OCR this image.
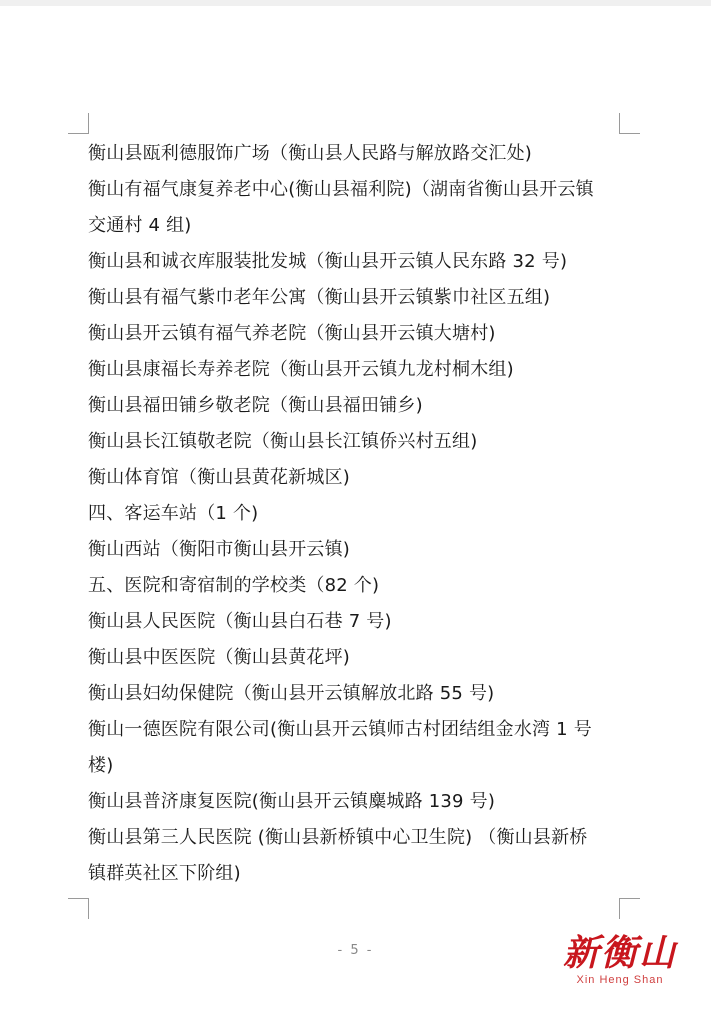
衡山县瓯利德服饰广场（衡山县人民路与解放路交汇处)
衡山有福气康复养老中心(衡山县福利院)（湖南省衡山县开云镇
交通村 4 组)
衡山县和诚衣库服装批发城（衡山县开云镇人民东路 32 号)
衡山县有福气紫巾老年公寓（衡山县开云镇紫巾社区五组)
衡山县开云镇有福气养老院（衡山县开云镇大塘村)
衡山县康福长寿养老院（衡山县开云镇九龙村桐木组)
衡山县福田铺乡敬老院（衡山县福田铺乡)
衡山县长江镇敬老院（衡山县长江镇侨兴村五组)
衡山体育馆（衡山县黄花新城区)
四、客运车站（1 个)
衡山西站（衡阳市衡山县开云镇)
五、医院和寄宿制的学校类（82 个)
衡山县人民医院（衡山县白石巷 7 号)
衡山县中医医院（衡山县黄花坪)
衡山县妇幼保健院（衡山县开云镇解放北路 55 号)
衡山一德医院有限公司(衡山县开云镇师古村团结组金水湾 1 号
楼)
衡山县普济康复医院(衡山县开云镇麋城路 139 号)
衡山县第三人民医院 (衡山县新桥镇中心卫生院) （衡山县新桥
镇群英社区下阶组)
- 5 -	新衡山
Xin Heng Shan
